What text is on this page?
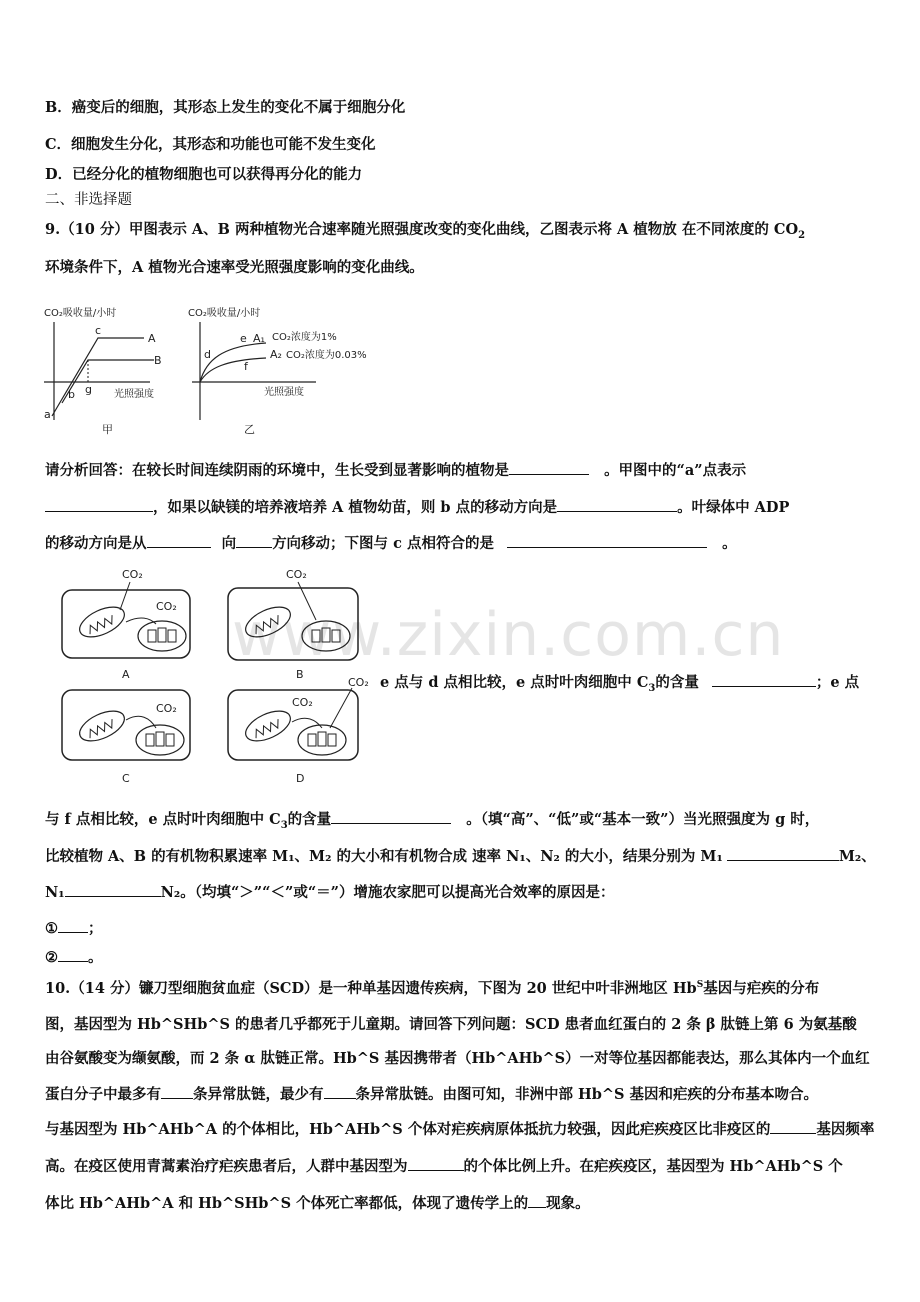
www.zixin.com.cn
B．癌变后的细胞，其形态上发生的变化不属于细胞分化
C．细胞发生分化，其形态和功能也可能不发生变化
D．已经分化的植物细胞也可以获得再分化的能力
二、非选择题
9.（10 分）甲图表示 A、B 两种植物光合速率随光照强度改变的变化曲线，乙图表示将 A 植物放 在不同浓度的 $CO_2$
环境条件下，A 植物光合速率受光照强度影响的变化曲线。
CO₂吸收量/小时
c
A
B
g
a
b	光照强度
甲
CO₂吸收量/小时
e A₁ CO₂浓度为1%
d	A₂ CO₂浓度为0.03%
f
光照强度
乙
请分析回答：在较长时间连续阴雨的环境中，生长受到显著影响的植物是	。甲图中的“a”点表示
，如果以缺镁的培养液培养 A 植物幼苗，则 b 点的移动方向是	。叶绿体中 ADP
的移动方向是从	向 方向移动；下图与 c 点相符合的是	。
CO₂
CO₂
A
CO₂
B
CO₂
C
CO₂
CO₂
D
e 点与 d 点相比较，e 点时叶肉细胞中 $C_3$的含量	；e 点
与 f 点相比较，e 点时叶肉细胞中 $C_3$的含量	。（填“高”、“低”或“基本一致”）当光照强度为 g 时，
比较植物 A、B 的有机物积累速率 M₁、M₂ 的大小和有机物合成 速率 N₁、N₂ 的大小，结果分别为 M₁	M₂、
N₁	N₂。（均填“＞”“＜”或“＝”）增施农家肥可以提高光合效率的原因是：
① ；
② 。
10.（14 分）镰刀型细胞贫血症（SCD）是一种单基因遗传疾病，下图为 20 世纪中叶非洲地区 $Hb^S$基因与疟疾的分布
图，基因型为 Hb^SHb^S 的患者几乎都死于儿童期。请回答下列问题：SCD 患者血红蛋白的 2 条 β 肽链上第 6 为氨基酸
由谷氨酸变为缬氨酸，而 2 条 α 肽链正常。Hb^S 基因携带者（Hb^AHb^S）一对等位基因都能表达，那么其体内一个血红
蛋白分子中最多有 条异常肽链，最少有 条异常肽链。由图可知，非洲中部 Hb^S 基因和疟疾的分布基本吻合。
与基因型为 Hb^AHb^A 的个体相比，Hb^AHb^S 个体对疟疾病原体抵抗力较强，因此疟疾疫区比非疫区的	基因频率
高。在疫区使用青蒿素治疗疟疾患者后，人群中基因型为	的个体比例上升。在疟疾疫区，基因型为 Hb^AHb^S 个
体比 Hb^AHb^A 和 Hb^SHb^S 个体死亡率都低，体现了遗传学上的 现象。
